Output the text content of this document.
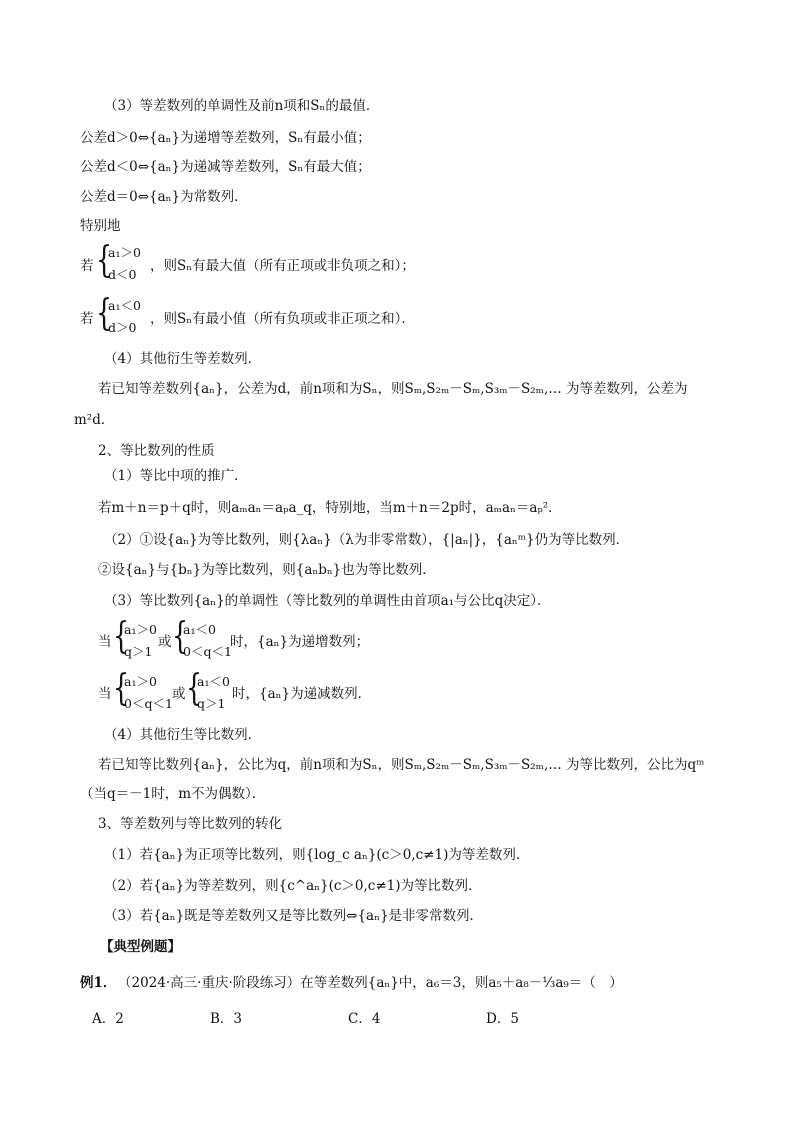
（3）等差数列的单调性及前n项和Sₙ的最值．
公差d＞0⇔{aₙ}为递增等差数列，Sₙ有最小值；
公差d＜0⇔{aₙ}为递减等差数列，Sₙ有最大值；
公差d＝0⇔{aₙ}为常数列．
特别地
若 {
a₁＞0
d＜0
，则Sₙ有最大值（所有正项或非负项之和）；
若 {
a₁＜0
d＞0
，则Sₙ有最小值（所有负项或非正项之和）．
（4）其他衍生等差数列．
若已知等差数列{aₙ}，公差为d，前n项和为Sₙ，则Sₘ,S₂ₘ－Sₘ,S₃ₘ－S₂ₘ,… 为等差数列，公差为
m²d．
2、等比数列的性质
（1）等比中项的推广．
若m＋n＝p＋q时，则aₘaₙ＝aₚa_q，特别地，当m＋n＝2p时，aₘaₙ＝aₚ²．
（2）①设{aₙ}为等比数列，则{λaₙ}（λ为非零常数），{|aₙ|}，{aₙᵐ}仍为等比数列．
②设{aₙ}与{bₙ}为等比数列，则{aₙbₙ}也为等比数列．
（3）等比数列{aₙ}的单调性（等比数列的单调性由首项a₁与公比q决定）．
当 {
a₁＞0
q＞1
或 {
a₁＜0
0＜q＜1
时，{aₙ}为递增数列；
当 {
a₁＞0
0＜q＜1
或 {
a₁＜0
q＞1
时，{aₙ}为递减数列．
（4）其他衍生等比数列．
若已知等比数列{aₙ}，公比为q，前n项和为Sₙ，则Sₘ,S₂ₘ－Sₘ,S₃ₘ－S₂ₘ,… 为等比数列，公比为qᵐ
（当q＝－1时，m不为偶数）．
3、等差数列与等比数列的转化
（1）若{aₙ}为正项等比数列，则{log_c aₙ}(c＞0,c≠1)为等差数列．
（2）若{aₙ}为等差数列，则{c^aₙ}(c＞0,c≠1)为等比数列．
（3）若{aₙ}既是等差数列又是等比数列⇔{aₙ}是非零常数列．
【典型例题】
例1． （2024·高三·重庆·阶段练习）在等差数列{aₙ}中，a₆＝3，则a₅＋a₈－⅓a₉＝（　）
A．2	B．3	C．4	D．5
